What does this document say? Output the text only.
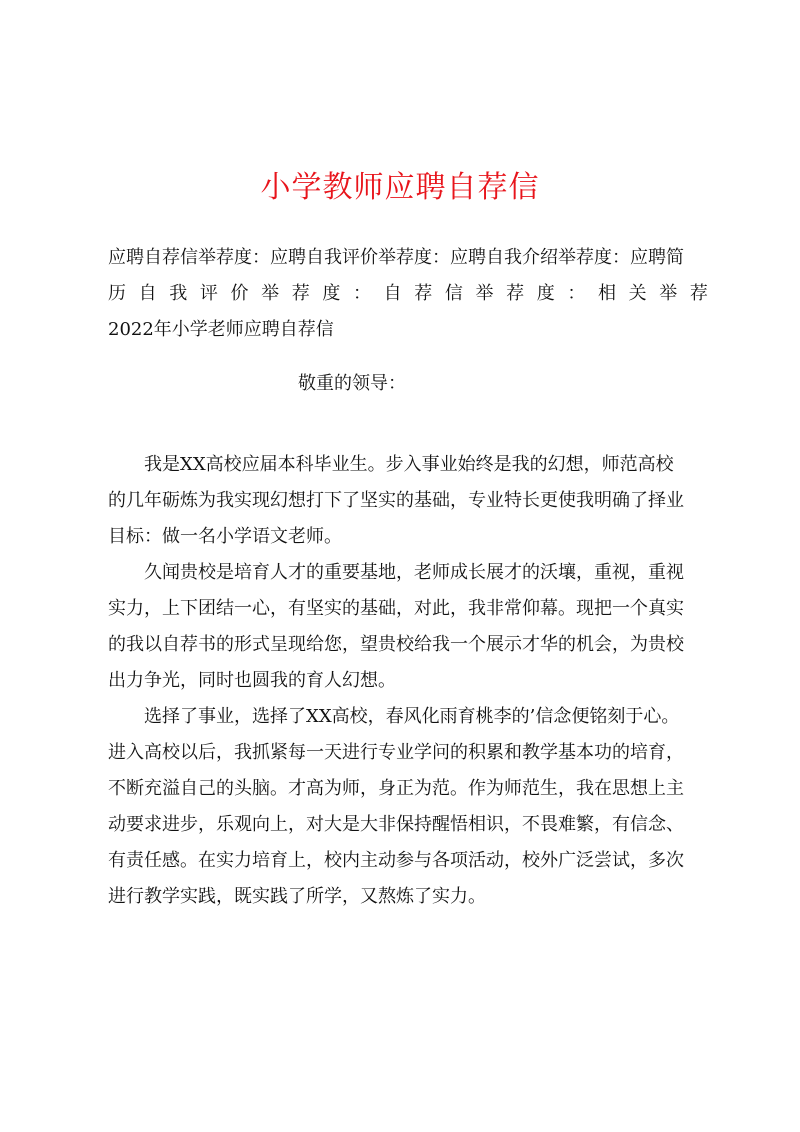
小学教师应聘自荐信
应聘自荐信举荐度：应聘自我评价举荐度：应聘自我介绍举荐度：应聘简
历 自 我 评 价 举 荐 度 ： 自 荐 信 举 荐 度 ： 相 关 举 荐
2022年小学老师应聘自荐信
敬重的领导：
我是XX高校应届本科毕业生。步入事业始终是我的幻想，师范高校
的几年砺炼为我实现幻想打下了坚实的基础，专业特长更使我明确了择业
目标：做一名小学语文老师。
久闻贵校是培育人才的重要基地，老师成长展才的沃壤，重视，重视
实力，上下团结一心，有坚实的基础，对此，我非常仰幕。现把一个真实
的我以自荐书的形式呈现给您，望贵校给我一个展示才华的机会，为贵校
出力争光，同时也圆我的育人幻想。
选择了事业，选择了XX高校，春风化雨育桃李的’信念便铭刻于心。
进入高校以后，我抓紧每一天进行专业学问的积累和教学基本功的培育，
不断充溢自己的头脑。才高为师，身正为范。作为师范生，我在思想上主
动要求进步，乐观向上，对大是大非保持醒悟相识，不畏难繁，有信念、
有责任感。在实力培育上，校内主动参与各项活动，校外广泛尝试，多次
进行教学实践，既实践了所学，又熬炼了实力。
